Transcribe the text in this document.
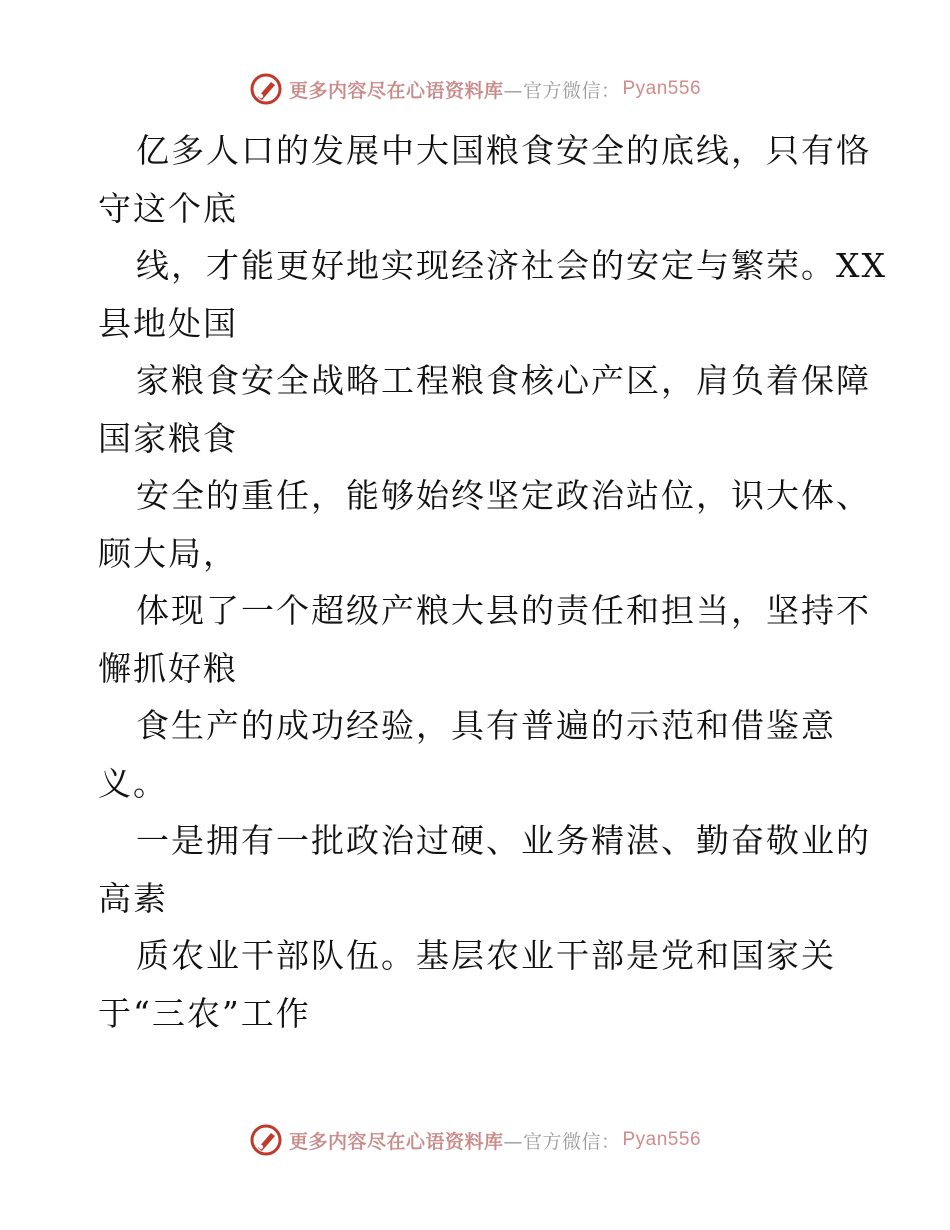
更多内容尽在心语资料库 —官方微信： Pyan556
亿多人口的发展中大国粮食安全的底线，只有恪
守这个底
线，才能更好地实现经济社会的安定与繁荣。XX
县地处国
家粮食安全战略工程粮食核心产区，肩负着保障
国家粮食
安全的重任，能够始终坚定政治站位，识大体、
顾大局，
体现了一个超级产粮大县的责任和担当，坚持不
懈抓好粮
食生产的成功经验，具有普遍的示范和借鉴意
义。
一是拥有一批政治过硬、业务精湛、勤奋敬业的
高素
质农业干部队伍。基层农业干部是党和国家关
于“三农”工作
更多内容尽在心语资料库 —官方微信： Pyan556
